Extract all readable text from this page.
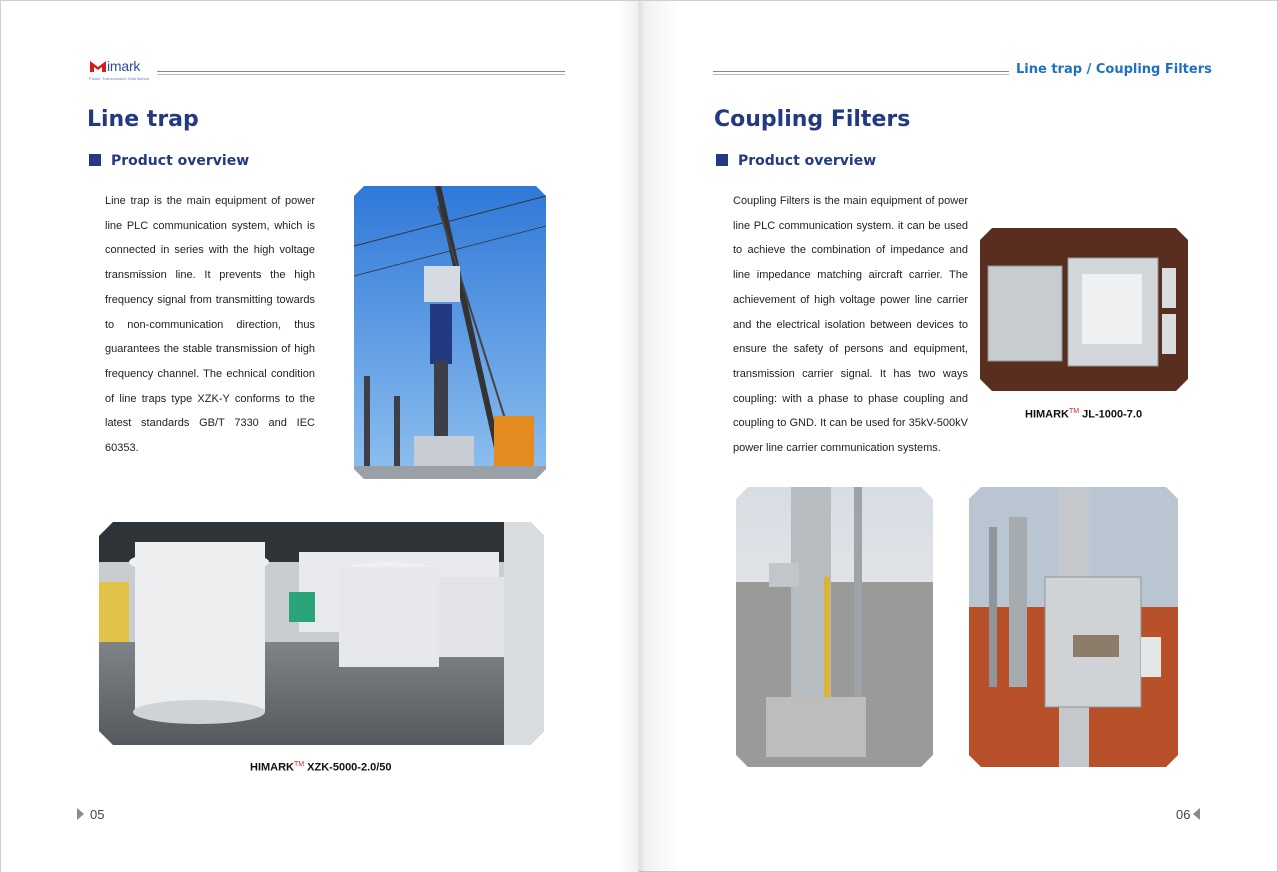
imark
Power Transmission Distribution
Line trap
Product overview
Line trap is the main equipment of power line PLC communication system, which is connected in series with the high voltage transmission line. It prevents the high frequency signal from transmitting towards to non-communication direction, thus guarantees the stable transmission of high frequency channel. The echnical condition of line traps type XZK-Y conforms to the latest standards GB/T 7330 and IEC 60353.
HIMARK™ XZK-5000-2.0/50
05
Line trap / Coupling Filters
Coupling Filters
Product overview
Coupling Filters is the main equipment of power line PLC communication system. it can be used to achieve the combination of impedance and line impedance matching aircraft carrier. The achievement of high voltage power line carrier and the electrical isolation between devices to ensure the safety of persons and equipment, transmission carrier signal. It has two ways coupling: with a phase to phase coupling and coupling to GND. It can be used for 35kV-500kV power line carrier communication systems.
HIMARK™ JL-1000-7.0
06
